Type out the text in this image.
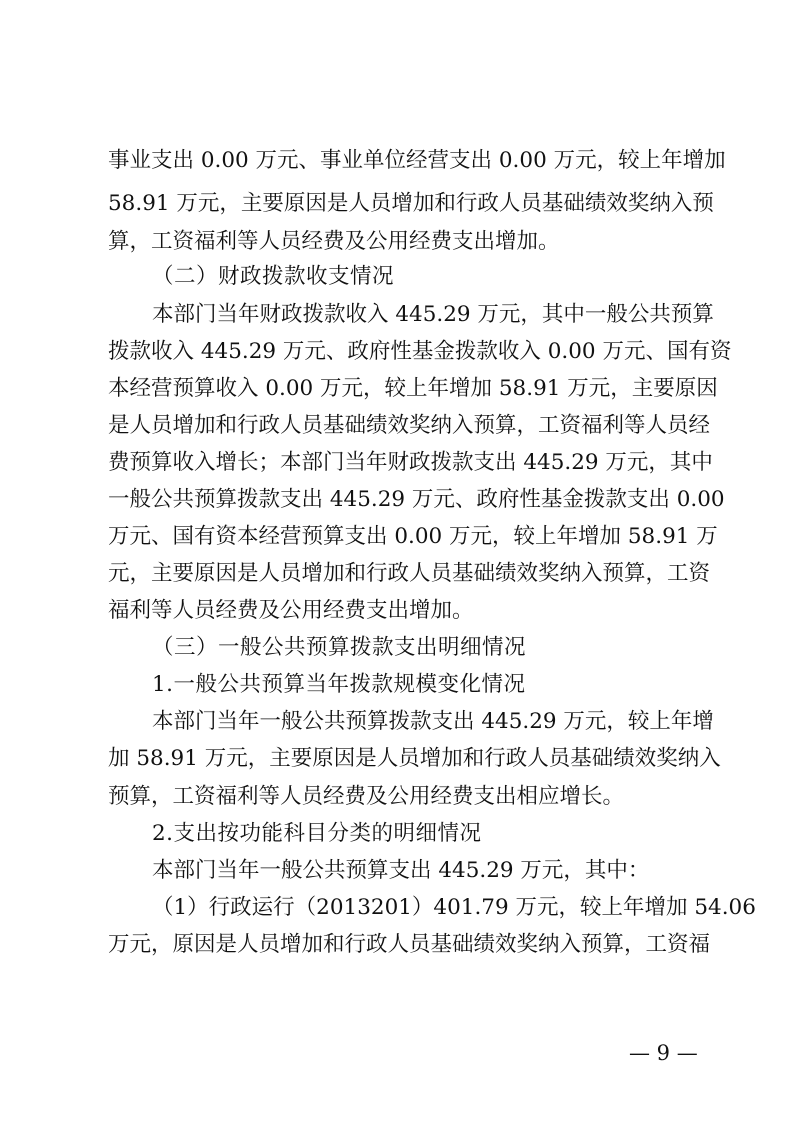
事业支出 0.00 万元、事业单位经营支出 0.00 万元，较上年增加
58.91 万元，主要原因是人员增加和行政人员基础绩效奖纳入预
算，工资福利等人员经费及公用经费支出增加。
（二）财政拨款收支情况
本部门当年财政拨款收入 445.29 万元，其中一般公共预算
拨款收入 445.29 万元、政府性基金拨款收入 0.00 万元、国有资
本经营预算收入 0.00 万元，较上年增加 58.91 万元，主要原因
是人员增加和行政人员基础绩效奖纳入预算，工资福利等人员经
费预算收入增长；本部门当年财政拨款支出 445.29 万元，其中
一般公共预算拨款支出 445.29 万元、政府性基金拨款支出 0.00
万元、国有资本经营预算支出 0.00 万元，较上年增加 58.91 万
元，主要原因是人员增加和行政人员基础绩效奖纳入预算，工资
福利等人员经费及公用经费支出增加。
（三）一般公共预算拨款支出明细情况
1.一般公共预算当年拨款规模变化情况
本部门当年一般公共预算拨款支出 445.29 万元，较上年增
加 58.91 万元，主要原因是人员增加和行政人员基础绩效奖纳入
预算，工资福利等人员经费及公用经费支出相应增长。
2.支出按功能科目分类的明细情况
本部门当年一般公共预算支出 445.29 万元，其中：
（1）行政运行（2013201）401.79 万元，较上年增加 54.06
万元，原因是人员增加和行政人员基础绩效奖纳入预算，工资福
— 9 —
